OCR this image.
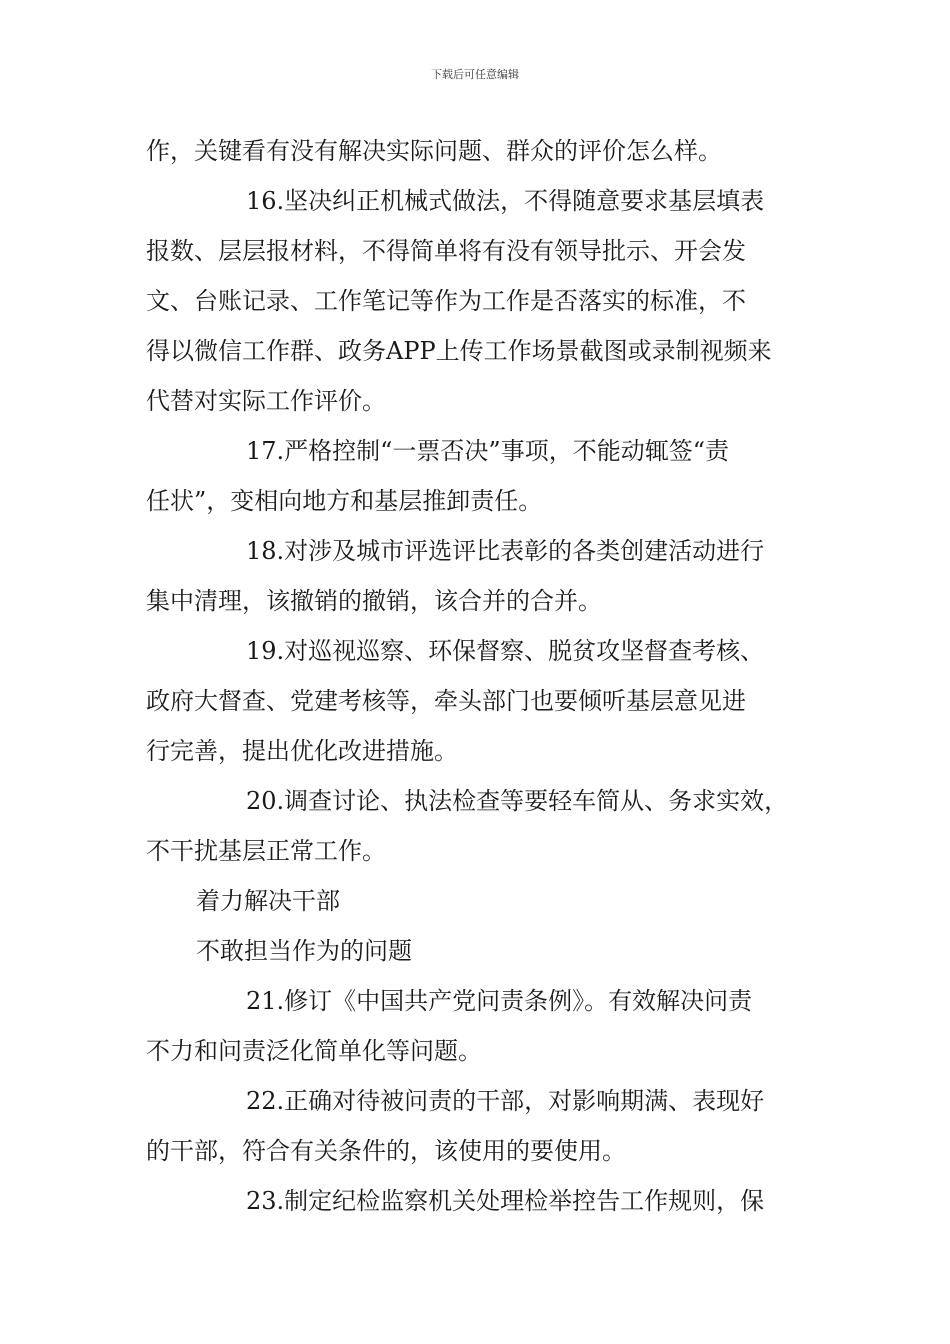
下载后可任意编辑
作，关键看有没有解决实际问题、群众的评价怎么样。
16.坚决纠正机械式做法，不得随意要求基层填表
报数、层层报材料，不得简单将有没有领导批示、开会发
文、台账记录、工作笔记等作为工作是否落实的标准，不
得以微信工作群、政务APP上传工作场景截图或录制视频来
代替对实际工作评价。
17.严格控制“一票否决”事项，不能动辄签“责
任状”，变相向地方和基层推卸责任。
18.对涉及城市评选评比表彰的各类创建活动进行
集中清理，该撤销的撤销，该合并的合并。
19.对巡视巡察、环保督察、脱贫攻坚督查考核、
政府大督查、党建考核等，牵头部门也要倾听基层意见进
行完善，提出优化改进措施。
20.调查讨论、执法检查等要轻车简从、务求实效，
不干扰基层正常工作。
着力解决干部
不敢担当作为的问题
21.修订《中国共产党问责条例》。有效解决问责
不力和问责泛化简单化等问题。
22.正确对待被问责的干部，对影响期满、表现好
的干部，符合有关条件的，该使用的要使用。
23.制定纪检监察机关处理检举控告工作规则，保
